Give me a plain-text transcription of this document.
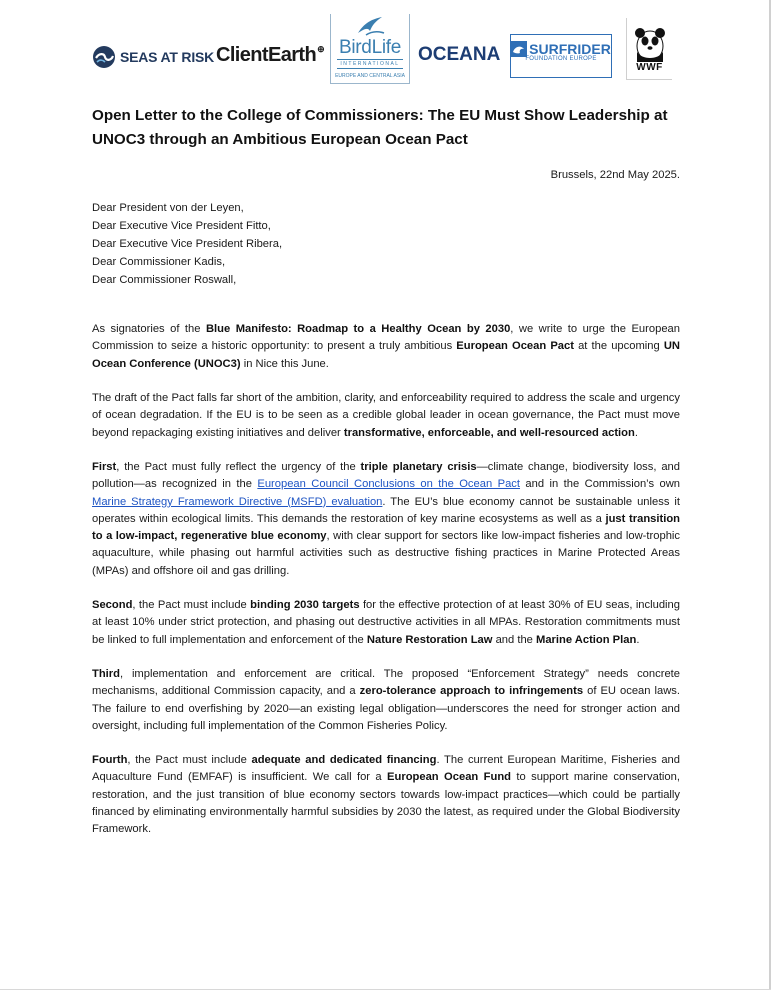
SEAS AT RISK ClientEarth⊕ BirdLife
INTERNATIONAL
EUROPE AND CENTRAL ASIA
OCEANA SURFRIDER
FOUNDATION EUROPE
WWF
Open Letter to the College of Commissioners: The EU Must Show Leadership at UNOC3 through an Ambitious European Ocean Pact
Brussels, 22nd May 2025.
Dear President von der Leyen,
Dear Executive Vice President Fitto,
Dear Executive Vice President Ribera,
Dear Commissioner Kadis,
Dear Commissioner Roswall,

As signatories of the Blue Manifesto: Roadmap to a Healthy Ocean by 2030, we write to urge the European Commission to seize a historic opportunity: to present a truly ambitious European Ocean Pact at the upcoming UN Ocean Conference (UNOC3) in Nice this June.

The draft of the Pact falls far short of the ambition, clarity, and enforceability required to address the scale and urgency of ocean degradation. If the EU is to be seen as a credible global leader in ocean governance, the Pact must move beyond repackaging existing initiatives and deliver transformative, enforceable, and well-resourced action.

First, the Pact must fully reflect the urgency of the triple planetary crisis—climate change, biodiversity loss, and pollution—as recognized in the European Council Conclusions on the Ocean Pact and in the Commission’s own Marine Strategy Framework Directive (MSFD) evaluation. The EU’s blue economy cannot be sustainable unless it operates within ecological limits. This demands the restoration of key marine ecosystems as well as a just transition to a low-impact, regenerative blue economy, with clear support for sectors like low-impact fisheries and low-trophic aquaculture, while phasing out harmful activities such as destructive fishing practices in Marine Protected Areas (MPAs) and offshore oil and gas drilling.

Second, the Pact must include binding 2030 targets for the effective protection of at least 30% of EU seas, including at least 10% under strict protection, and phasing out destructive activities in all MPAs. Restoration commitments must be linked to full implementation and enforcement of the Nature Restoration Law and the Marine Action Plan.

Third, implementation and enforcement are critical. The proposed “Enforcement Strategy” needs concrete mechanisms, additional Commission capacity, and a zero-tolerance approach to infringements of EU ocean laws. The failure to end overfishing by 2020—an existing legal obligation—underscores the need for stronger action and oversight, including full implementation of the Common Fisheries Policy.

Fourth, the Pact must include adequate and dedicated financing. The current European Maritime, Fisheries and Aquaculture Fund (EMFAF) is insufficient. We call for a European Ocean Fund to support marine conservation, restoration, and the just transition of blue economy sectors towards low-impact practices—which could be partially financed by eliminating environmentally harmful subsidies by 2030 the latest, as required under the Global Biodiversity Framework.
